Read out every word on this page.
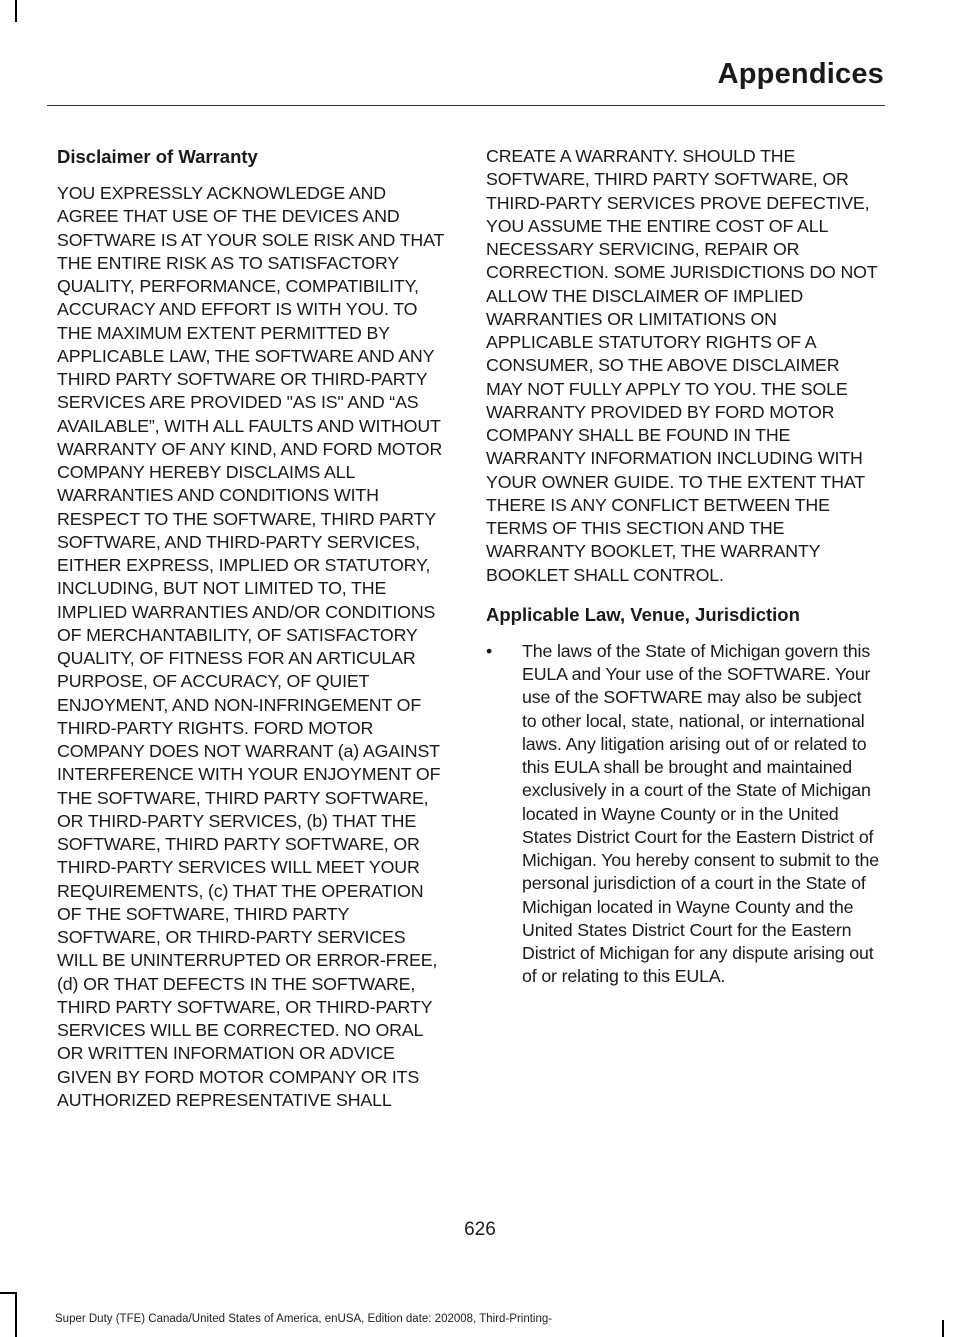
Appendices
Disclaimer of Warranty

YOU EXPRESSLY ACKNOWLEDGE AND AGREE THAT USE OF THE DEVICES AND SOFTWARE IS AT YOUR SOLE RISK AND THAT THE ENTIRE RISK AS TO SATISFACTORY QUALITY, PERFORMANCE, COMPATIBILITY, ACCURACY AND EFFORT IS WITH YOU. TO THE MAXIMUM EXTENT PERMITTED BY APPLICABLE LAW, THE SOFTWARE AND ANY THIRD PARTY SOFTWARE OR THIRD-PARTY SERVICES ARE PROVIDED "AS IS" AND “AS AVAILABLE”, WITH ALL FAULTS AND WITHOUT WARRANTY OF ANY KIND, AND FORD MOTOR COMPANY HEREBY DISCLAIMS ALL WARRANTIES AND CONDITIONS WITH RESPECT TO THE SOFTWARE, THIRD PARTY SOFTWARE, AND THIRD-PARTY SERVICES, EITHER EXPRESS, IMPLIED OR STATUTORY, INCLUDING, BUT NOT LIMITED TO, THE IMPLIED WARRANTIES AND/OR CONDITIONS OF MERCHANTABILITY, OF SATISFACTORY QUALITY, OF FITNESS FOR AN ARTICULAR PURPOSE, OF ACCURACY, OF QUIET ENJOYMENT, AND NON-INFRINGEMENT OF THIRD-PARTY RIGHTS. FORD MOTOR COMPANY DOES NOT WARRANT (a) AGAINST INTERFERENCE WITH YOUR ENJOYMENT OF THE SOFTWARE, THIRD PARTY SOFTWARE, OR THIRD-PARTY SERVICES, (b) THAT THE SOFTWARE, THIRD PARTY SOFTWARE, OR THIRD-PARTY SERVICES WILL MEET YOUR REQUIREMENTS, (c) THAT THE OPERATION OF THE SOFTWARE, THIRD PARTY SOFTWARE, OR THIRD-PARTY SERVICES WILL BE UNINTERRUPTED OR ERROR-FREE, (d) OR THAT DEFECTS IN THE SOFTWARE, THIRD PARTY SOFTWARE, OR THIRD-PARTY SERVICES WILL BE CORRECTED. NO ORAL OR WRITTEN INFORMATION OR ADVICE GIVEN BY FORD MOTOR COMPANY OR ITS AUTHORIZED REPRESENTATIVE SHALL

CREATE A WARRANTY. SHOULD THE SOFTWARE, THIRD PARTY SOFTWARE, OR THIRD-PARTY SERVICES PROVE DEFECTIVE, YOU ASSUME THE ENTIRE COST OF ALL NECESSARY SERVICING, REPAIR OR CORRECTION. SOME JURISDICTIONS DO NOT ALLOW THE DISCLAIMER OF IMPLIED WARRANTIES OR LIMITATIONS ON APPLICABLE STATUTORY RIGHTS OF A CONSUMER, SO THE ABOVE DISCLAIMER MAY NOT FULLY APPLY TO YOU. THE SOLE WARRANTY PROVIDED BY FORD MOTOR COMPANY SHALL BE FOUND IN THE WARRANTY INFORMATION INCLUDING WITH YOUR OWNER GUIDE. TO THE EXTENT THAT THERE IS ANY CONFLICT BETWEEN THE TERMS OF THIS SECTION AND THE WARRANTY BOOKLET, THE WARRANTY BOOKLET SHALL CONTROL.

Applicable Law, Venue, Jurisdiction
• The laws of the State of Michigan govern this EULA and Your use of the SOFTWARE. Your use of the SOFTWARE may also be subject to other local, state, national, or international laws. Any litigation arising out of or related to this EULA shall be brought and maintained exclusively in a court of the State of Michigan located in Wayne County or in the United States District Court for the Eastern District of Michigan. You hereby consent to submit to the personal jurisdiction of a court in the State of Michigan located in Wayne County and the United States District Court for the Eastern District of Michigan for any dispute arising out of or relating to this EULA.
626
Super Duty (TFE) Canada/United States of America, enUSA, Edition date: 202008, Third-Printing-
